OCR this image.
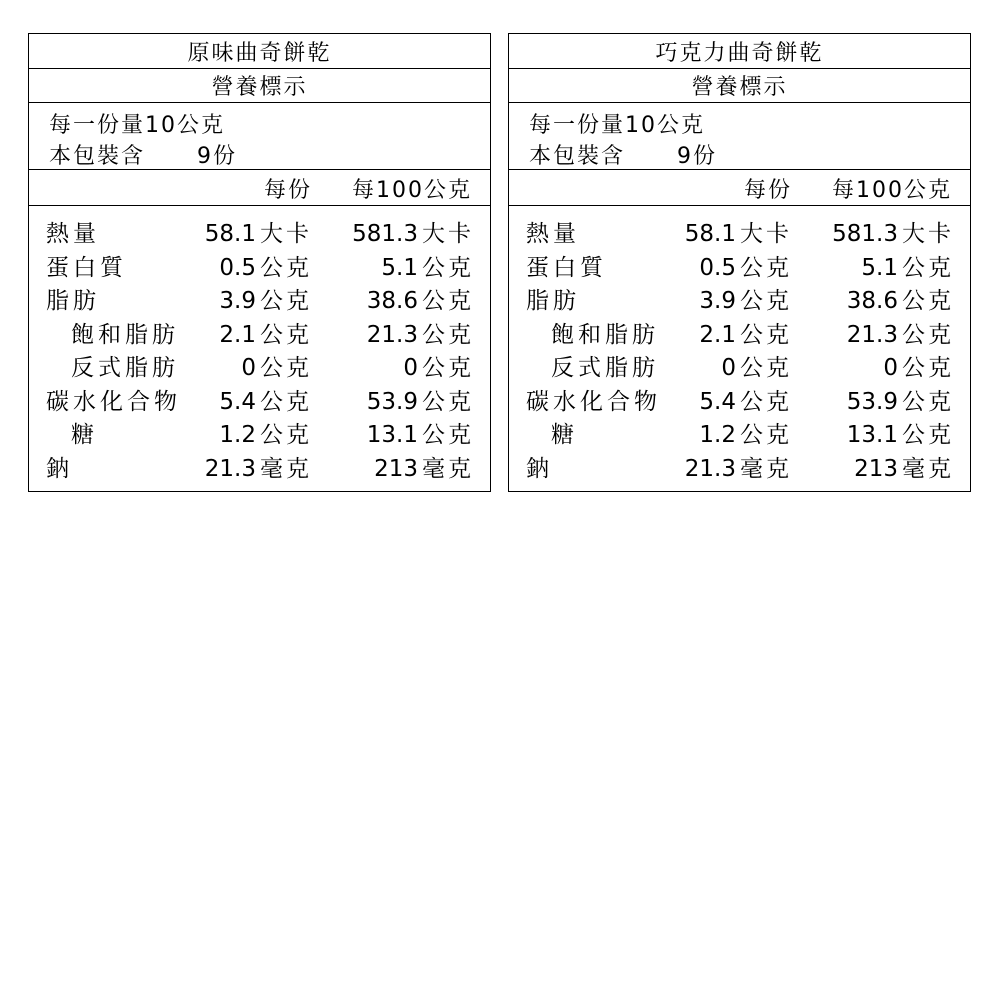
原味曲奇餅乾
營養標示
每一份量10公克
本包裝含 9份
每份 每100公克
熱量	58.1 大卡 581.3 大卡
蛋白質	0.5 公克	5.1 公克
脂肪	3.9 公克 38.6 公克
飽和脂肪 2.1 公克 21.3 公克
反式脂肪	0 公克	0 公克
碳水化合物 5.4 公克 53.9 公克
糖	1.2 公克 13.1 公克
鈉	21.3 毫克	213 毫克
巧克力曲奇餅乾
營養標示
每一份量10公克
本包裝含 9份
每份 每100公克
熱量	58.1 大卡 581.3 大卡
蛋白質	0.5 公克	5.1 公克
脂肪	3.9 公克 38.6 公克
飽和脂肪 2.1 公克 21.3 公克
反式脂肪	0 公克	0 公克
碳水化合物 5.4 公克 53.9 公克
糖	1.2 公克 13.1 公克
鈉	21.3 毫克	213 毫克
